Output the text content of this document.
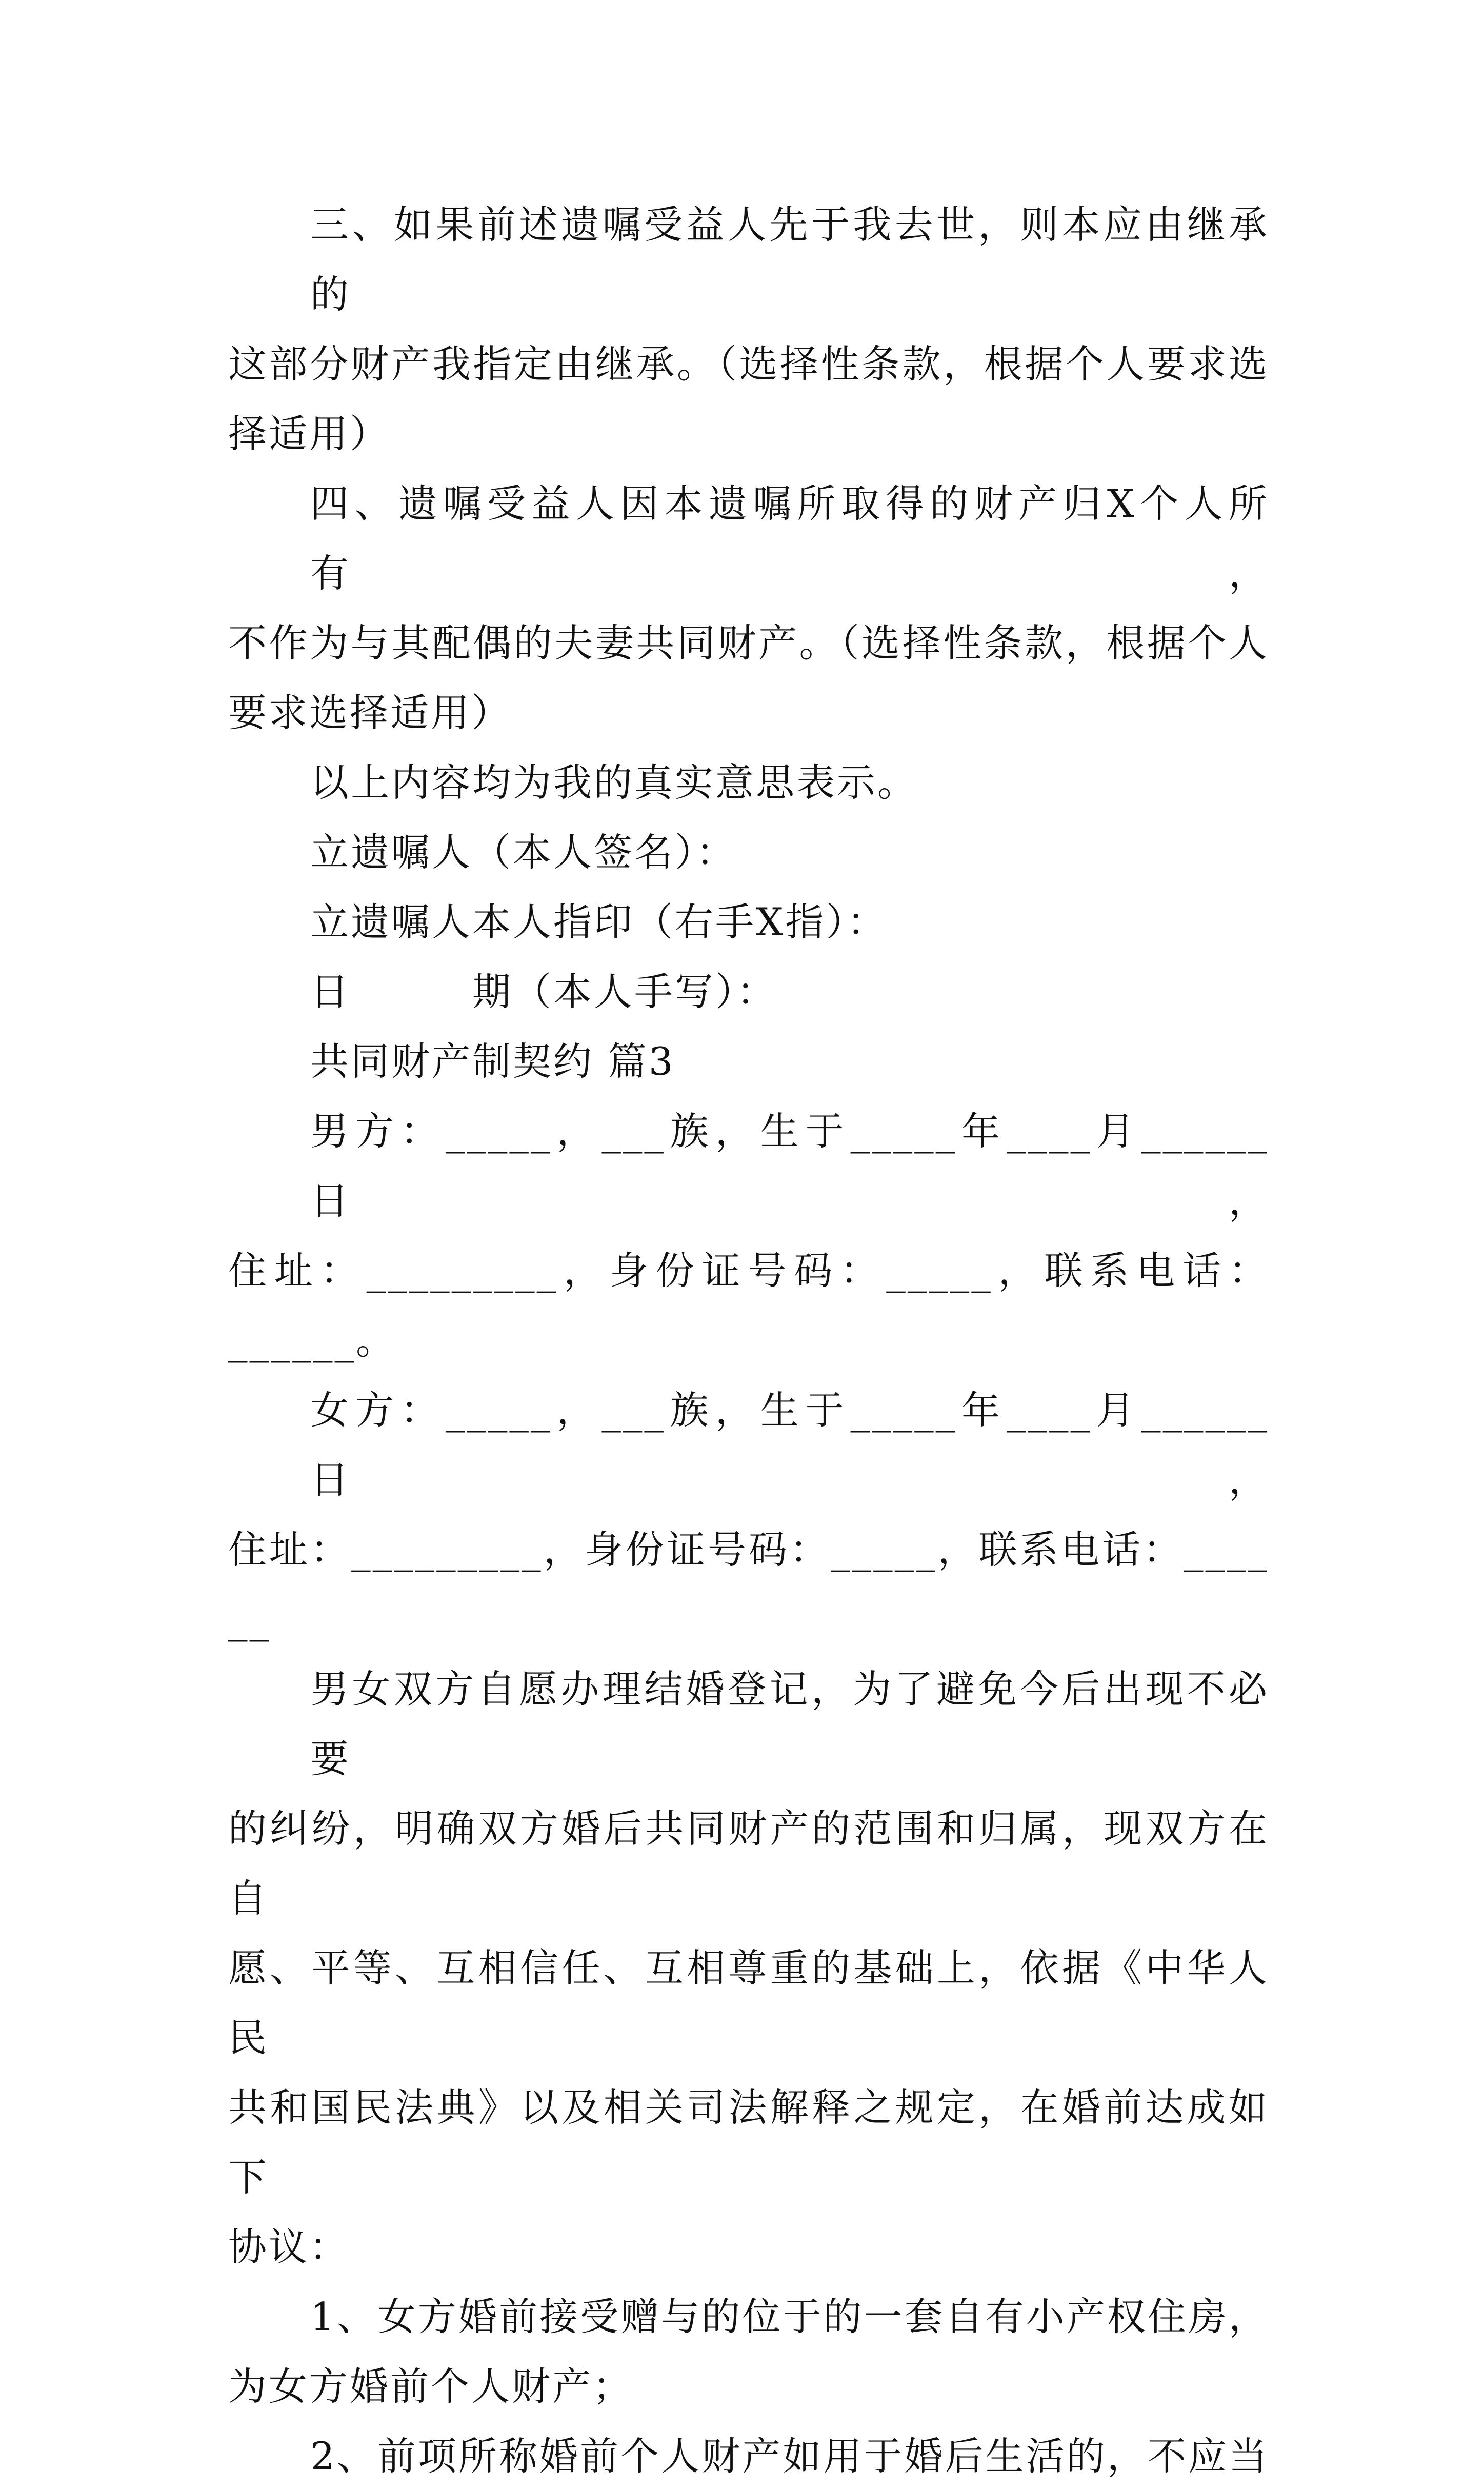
三、如果前述遗嘱受益人先于我去世，则本应由继承的
这部分财产我指定由继承。（选择性条款，根据个人要求选
择适用）

四、遗嘱受益人因本遗嘱所取得的财产归X个人所有，
不作为与其配偶的夫妻共同财产。（选择性条款，根据个人
要求选择适用）

以上内容均为我的真实意思表示。

立遗嘱人（本人签名）：

立遗嘱人本人指印（右手X指）：

日　　　期（本人手写）：

共同财产制契约 篇3

男方：_____，___族，生于_____年____月______日，
住址：_________，身份证号码：_____，联系电话：
______。

女方：_____，___族，生于_____年____月______日，
住址：_________，身份证号码：_____，联系电话：______

男女双方自愿办理结婚登记，为了避免今后出现不必要
的纠纷，明确双方婚后共同财产的范围和归属，现双方在自
愿、平等、互相信任、互相尊重的基础上，依据《中华人民
共和国民法典》以及相关司法解释之规定，在婚前达成如下
协议：

1、女方婚前接受赠与的位于的一套自有小产权住房，
为女方婚前个人财产；

2、前项所称婚前个人财产如用于婚后生活的，不应当
